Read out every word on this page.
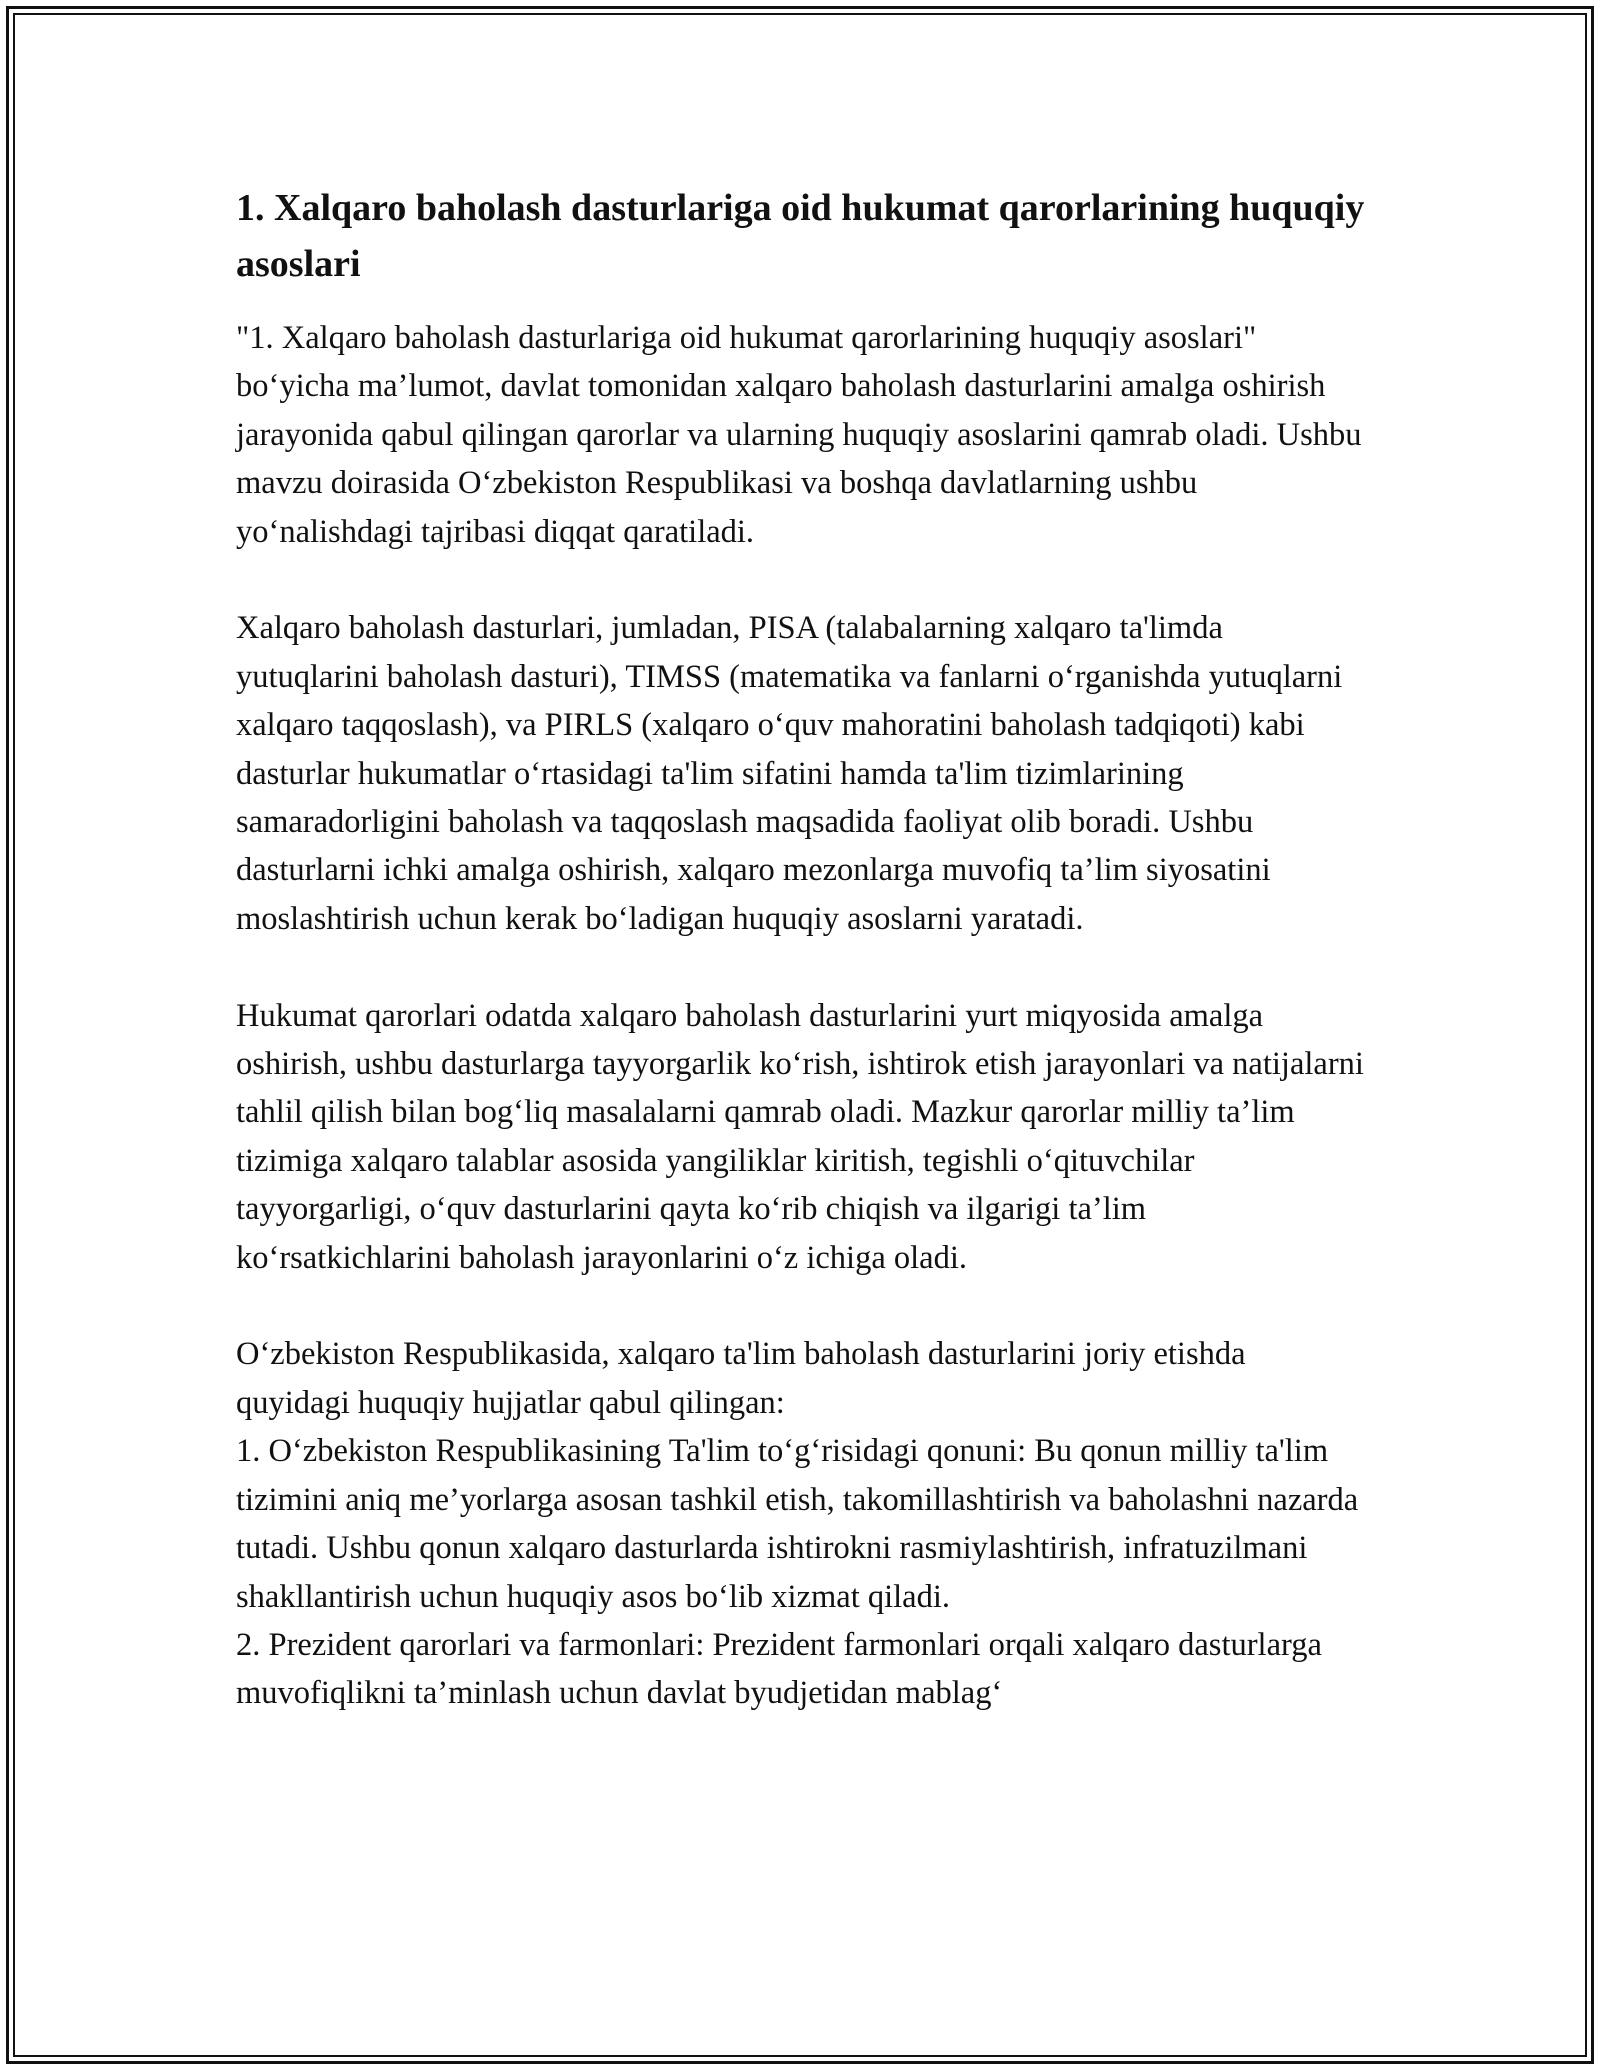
1. Xalqaro baholash dasturlariga oid hukumat qarorlarining huquqiy asoslari

"1. Xalqaro baholash dasturlariga oid hukumat qarorlarining huquqiy asoslari" bo‘yicha ma’lumot, davlat tomonidan xalqaro baholash dasturlarini amalga oshirish jarayonida qabul qilingan qarorlar va ularning huquqiy asoslarini qamrab oladi. Ushbu mavzu doirasida O‘zbekiston Respublikasi va boshqa davlatlarning ushbu yo‘nalishdagi tajribasi diqqat qaratiladi.

Xalqaro baholash dasturlari, jumladan, PISA (talabalarning xalqaro ta'limda yutuqlarini baholash dasturi), TIMSS (matematika va fanlarni o‘rganishda yutuqlarni xalqaro taqqoslash), va PIRLS (xalqaro o‘quv mahoratini baholash tadqiqoti) kabi dasturlar hukumatlar o‘rtasidagi ta'lim sifatini hamda ta'lim tizimlarining samaradorligini baholash va taqqoslash maqsadida faoliyat olib boradi. Ushbu dasturlarni ichki amalga oshirish, xalqaro mezonlarga muvofiq ta’lim siyosatini moslashtirish uchun kerak bo‘ladigan huquqiy asoslarni yaratadi.

Hukumat qarorlari odatda xalqaro baholash dasturlarini yurt miqyosida amalga oshirish, ushbu dasturlarga tayyorgarlik ko‘rish, ishtirok etish jarayonlari va natijalarni tahlil qilish bilan bog‘liq masalalarni qamrab oladi. Mazkur qarorlar milliy ta’lim tizimiga xalqaro talablar asosida yangiliklar kiritish, tegishli o‘qituvchilar tayyorgarligi, o‘quv dasturlarini qayta ko‘rib chiqish va ilgarigi ta’lim ko‘rsatkichlarini baholash jarayonlarini o‘z ichiga oladi.

O‘zbekiston Respublikasida, xalqaro ta'lim baholash dasturlarini joriy etishda quyidagi huquqiy hujjatlar qabul qilingan:

1. O‘zbekiston Respublikasining Ta'lim to‘g‘risidagi qonuni: Bu qonun milliy ta'lim tizimini aniq me’yorlarga asosan tashkil etish, takomillashtirish va baholashni nazarda tutadi. Ushbu qonun xalqaro dasturlarda ishtirokni rasmiylashtirish, infratuzilmani shakllantirish uchun huquqiy asos bo‘lib xizmat qiladi.

2. Prezident qarorlari va farmonlari: Prezident farmonlari orqali xalqaro dasturlarga muvofiqlikni ta’minlash uchun davlat byudjetidan mablag‘
